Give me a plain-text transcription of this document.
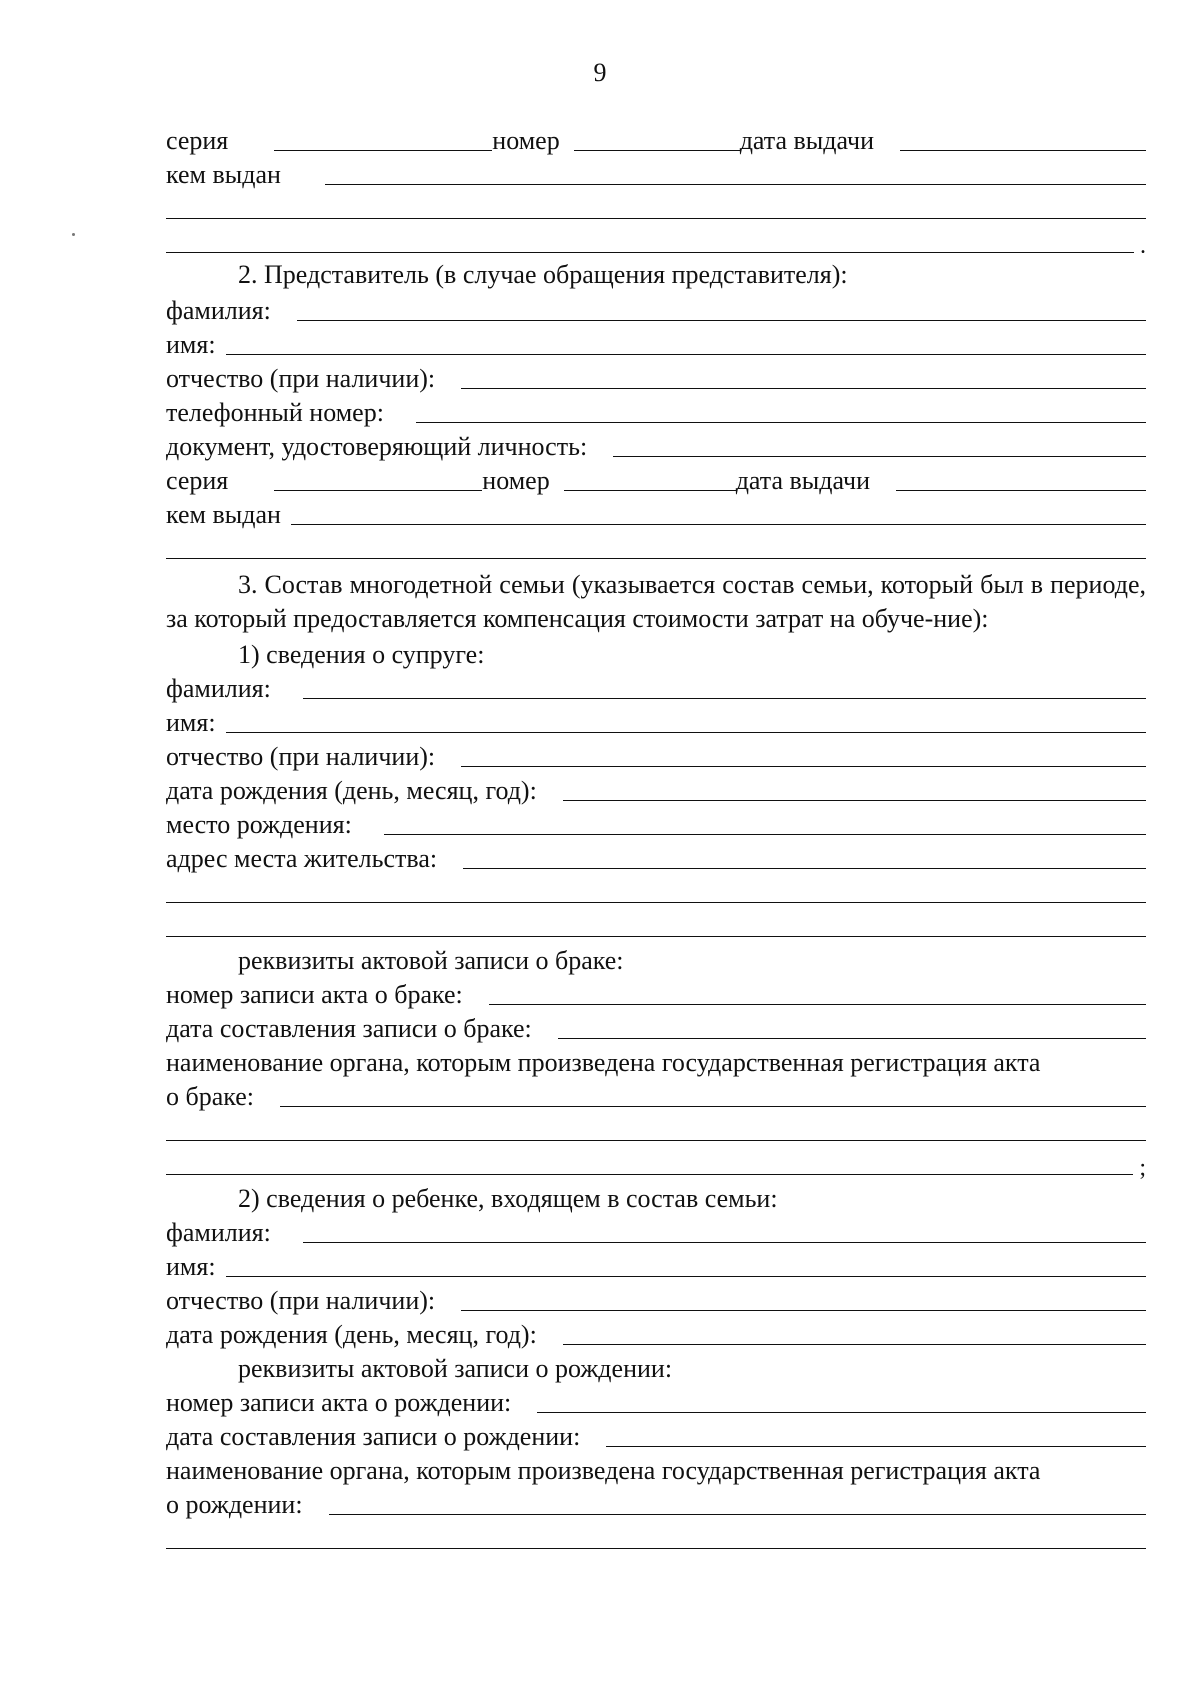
9
серия	номер	дата выдачи
кем выдан
.
2. Представитель (в случае обращения представителя):
фамилия:
имя:
отчество (при наличии):
телефонный номер:
документ, удостоверяющий личность:
серия	номер	дата выдачи
кем выдан
3. Состав многодетной семьи (указывается состав семьи, который был в периоде, за который предоставляется компенсация стоимости затрат на обуче-ние):
1) сведения о супруге:
фамилия:
имя:
отчество (при наличии):
дата рождения (день, месяц, год):
место рождения:
адрес места жительства:
реквизиты актовой записи о браке:
номер записи акта о браке:
дата составления записи о браке:
наименование органа, которым произведена государственная регистрация акта
о браке:
;
2) сведения о ребенке, входящем в состав семьи:
фамилия:
имя:
отчество (при наличии):
дата рождения (день, месяц, год):
реквизиты актовой записи о рождении:
номер записи акта о рождении:
дата составления записи о рождении:
наименование органа, которым произведена государственная регистрация акта
о рождении:
